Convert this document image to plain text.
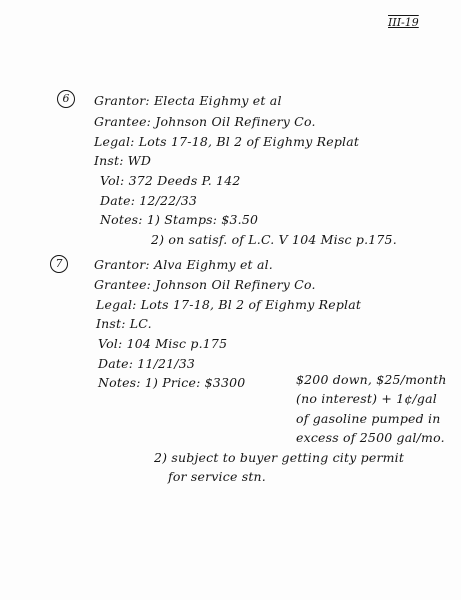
III-19
6	Grantor: Electa Eighmy et al
Grantee: Johnson Oil Refinery Co.
Legal: Lots 17-18, Bl 2 of Eighmy Replat
Inst: WD
Vol: 372 Deeds P. 142
Date: 12/22/33
Notes: 1) Stamps: $3.50
2) on satisf. of L.C. V 104 Misc p.175.
7	Grantor: Alva Eighmy et al.
Grantee: Johnson Oil Refinery Co.
Legal: Lots 17-18, Bl 2 of Eighmy Replat
Inst: LC.
Vol: 104 Misc p.175
Date: 11/21/33
Notes: 1) Price: $3300	$200 down, $25/month
(no interest) + 1¢/gal
of gasoline pumped in
excess of 2500 gal/mo.
2) subject to buyer getting city permit
for service stn.
